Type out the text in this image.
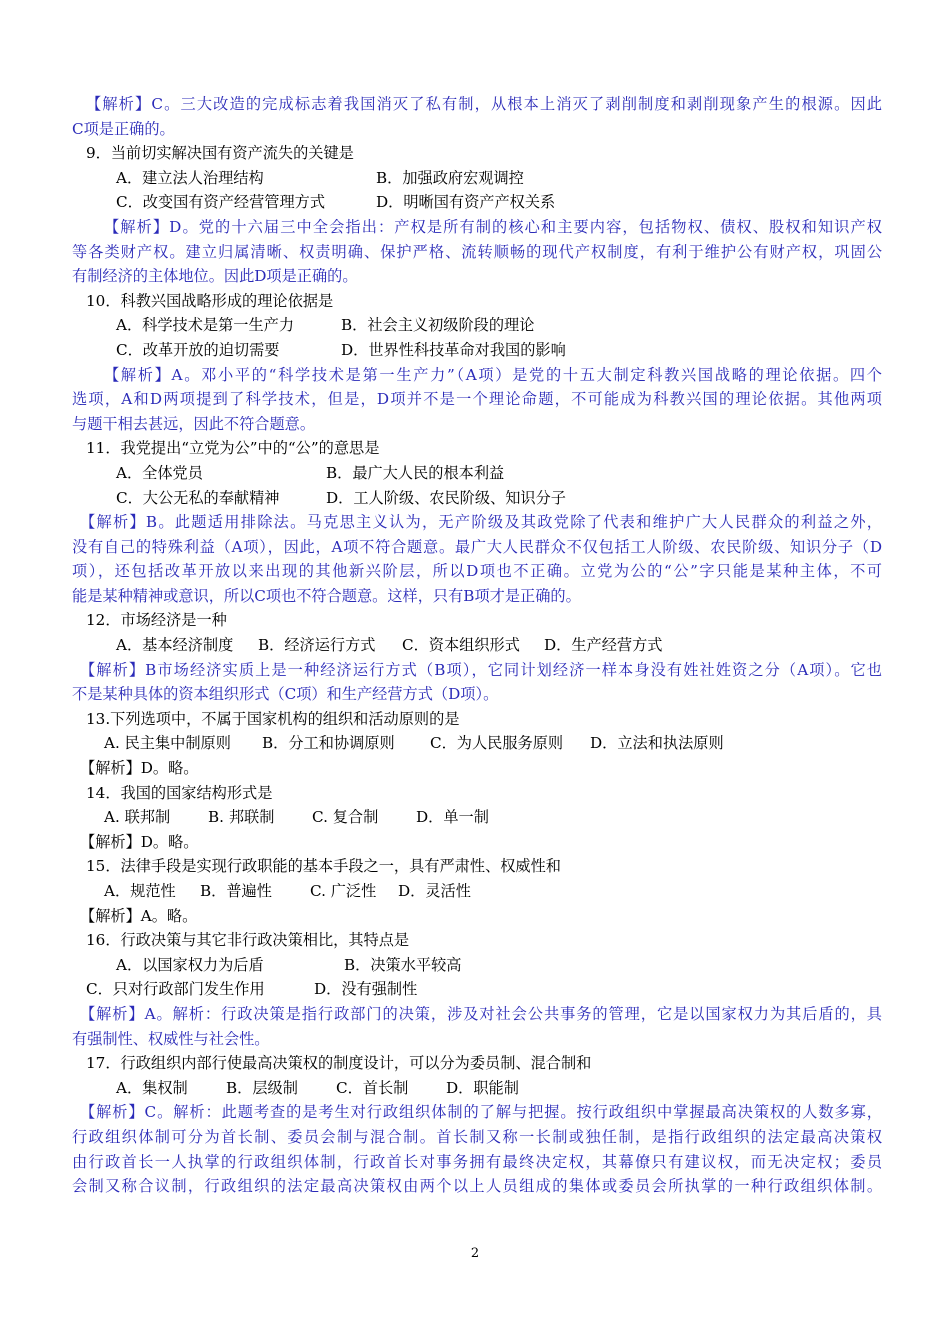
【解析】C。三大改造的完成标志着我国消灭了私有制，从根本上消灭了剥削制度和剥削现象产生的根源。因此
C项是正确的。
9．当前切实解决国有资产流失的关键是
A．建立法人治理结构	B．加强政府宏观调控
C．改变国有资产经营管理方式	D．明晰国有资产产权关系
【解析】D。党的十六届三中全会指出：产权是所有制的核心和主要内容，包括物权、债权、股权和知识产权
等各类财产权。建立归属清晰、权责明确、保护严格、流转顺畅的现代产权制度，有利于维护公有财产权，巩固公
有制经济的主体地位。因此D项是正确的。
10．科教兴国战略形成的理论依据是
A．科学技术是第一生产力	B．社会主义初级阶段的理论
C．改革开放的迫切需要	D．世界性科技革命对我国的影响
【解析】A。邓小平的“科学技术是第一生产力”（A项）是党的十五大制定科教兴国战略的理论依据。四个
选项，A和D两项提到了科学技术，但是，D项并不是一个理论命题，不可能成为科教兴国的理论依据。其他两项
与题干相去甚远，因此不符合题意。
11．我党提出“立党为公”中的“公”的意思是
A．全体党员	B．最广大人民的根本利益
C．大公无私的奉献精神	D．工人阶级、农民阶级、知识分子
【解析】B。此题适用排除法。马克思主义认为，无产阶级及其政党除了代表和维护广大人民群众的利益之外，
没有自己的特殊利益（A项），因此，A项不符合题意。最广大人民群众不仅包括工人阶级、农民阶级、知识分子（D
项），还包括改革开放以来出现的其他新兴阶层，所以D项也不正确。立党为公的“公”字只能是某种主体，不可
能是某种精神或意识，所以C项也不符合题意。这样，只有B项才是正确的。
12．市场经济是一种
A．基本经济制度 B．经济运行方式 C．资本组织形式 D．生产经营方式
【解析】B市场经济实质上是一种经济运行方式（B项），它同计划经济一样本身没有姓社姓资之分（A项）。它也
不是某种具体的资本组织形式（C项）和生产经营方式（D项）。
13.下列选项中，不属于国家机构的组织和活动原则的是
A. 民主集中制原则 B．分工和协调原则 C．为人民服务原则 D．立法和执法原则
【解析】D。略。
14．我国的国家结构形式是
A. 联邦制 B. 邦联制 C. 复合制 D．单一制
【解析】D。略。
15．法律手段是实现行政职能的基本手段之一，具有严肃性、权威性和
A．规范性 B．普遍性	C. 广泛性 D．灵活性
【解析】A。略。
16．行政决策与其它非行政决策相比，其特点是
A．以国家权力为后盾	B．决策水平较高
C．只对行政部门发生作用	D．没有强制性
【解析】A。解析：行政决策是指行政部门的决策，涉及对社会公共事务的管理，它是以国家权力为其后盾的，具
有强制性、权威性与社会性。
17．行政组织内部行使最高决策权的制度设计，可以分为委员制、混合制和
A．集权制	B．层级制	C．首长制 D．职能制
【解析】C。解析：此题考查的是考生对行政组织体制的了解与把握。按行政组织中掌握最高决策权的人数多寡，
行政组织体制可分为首长制、委员会制与混合制。首长制又称一长制或独任制，是指行政组织的法定最高决策权
由行政首长一人执掌的行政组织体制，行政首长对事务拥有最终决定权，其幕僚只有建议权，而无决定权；委员
会制又称合议制，行政组织的法定最高决策权由两个以上人员组成的集体或委员会所执掌的一种行政组织体制。
2
